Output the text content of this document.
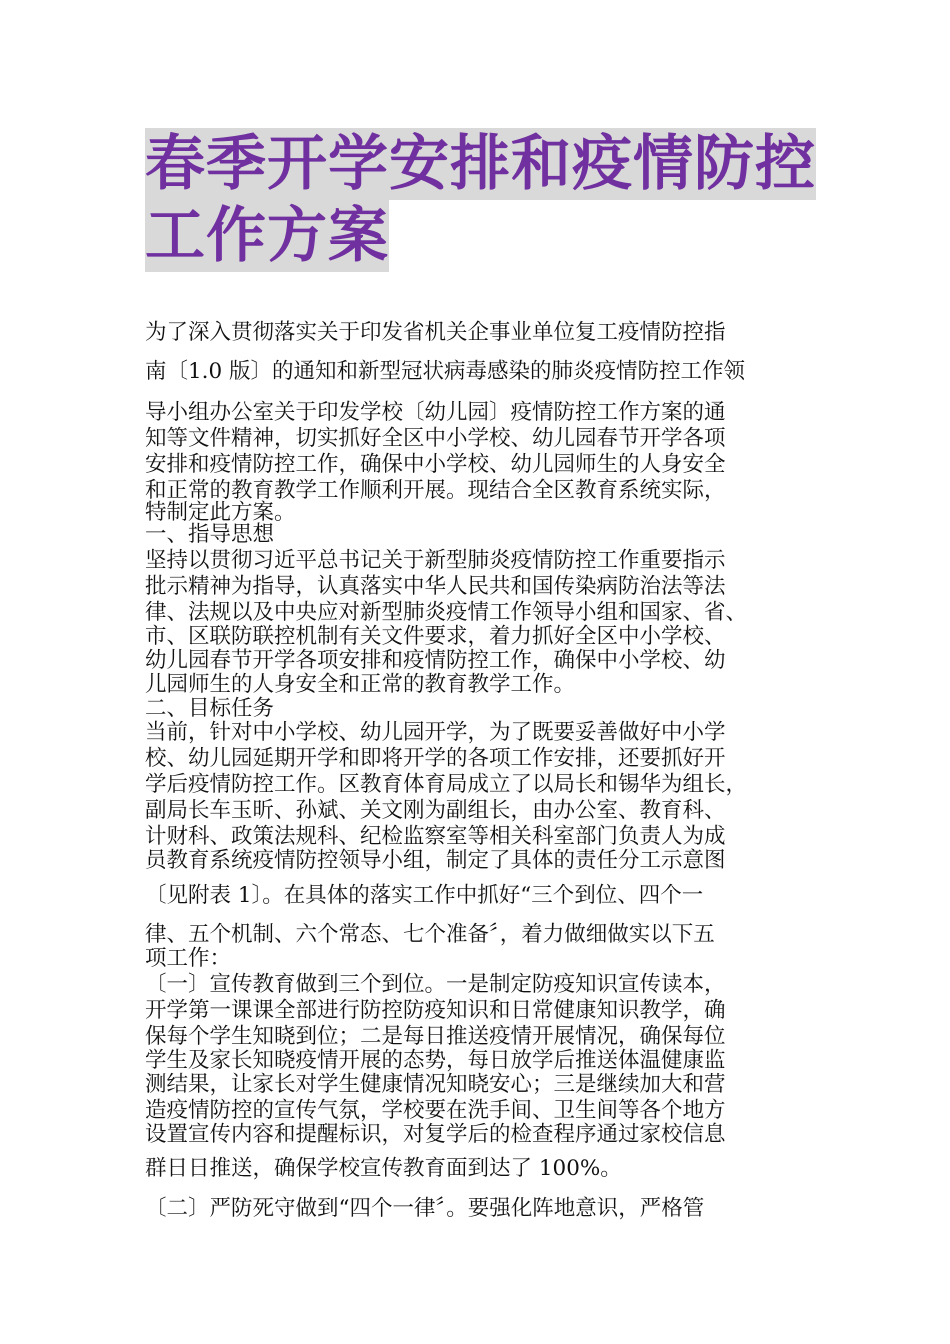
春季开学安排和疫情防控
工作方案
为了深入贯彻落实关于印发省机关企事业单位复工疫情防控指
南〔1.0 版〕的通知和新型冠状病毒感染的肺炎疫情防控工作领
导小组办公室关于印发学校〔幼儿园〕疫情防控工作方案的通
知等文件精神，切实抓好全区中小学校、幼儿园春节开学各项
安排和疫情防控工作，确保中小学校、幼儿园师生的人身安全
和正常的教育教学工作顺利开展。现结合全区教育系统实际，
特制定此方案。
一、指导思想
坚持以贯彻习近平总书记关于新型肺炎疫情防控工作重要指示
批示精神为指导，认真落实中华人民共和国传染病防治法等法
律、法规以及中央应对新型肺炎疫情工作领导小组和国家、省、
市、区联防联控机制有关文件要求，着力抓好全区中小学校、
幼儿园春节开学各项安排和疫情防控工作，确保中小学校、幼
儿园师生的人身安全和正常的教育教学工作。
二、目标任务
当前，针对中小学校、幼儿园开学，为了既要妥善做好中小学
校、幼儿园延期开学和即将开学的各项工作安排，还要抓好开
学后疫情防控工作。区教育体育局成立了以局长和锡华为组长，
副局长车玉昕、孙斌、关文刚为副组长，由办公室、教育科、
计财科、政策法规科、纪检监察室等相关科室部门负责人为成
员教育系统疫情防控领导小组，制定了具体的责任分工示意图
〔见附表 1〕。在具体的落实工作中抓好“三个到位、四个一
律、五个机制、六个常态、七个准备〞，着力做细做实以下五
项工作：
〔一〕宣传教育做到三个到位。一是制定防疫知识宣传读本，
开学第一课课全部进行防控防疫知识和日常健康知识教学，确
保每个学生知晓到位；二是每日推送疫情开展情况，确保每位
学生及家长知晓疫情开展的态势，每日放学后推送体温健康监
测结果，让家长对学生健康情况知晓安心；三是继续加大和营
造疫情防控的宣传气氛，学校要在洗手间、卫生间等各个地方
设置宣传内容和提醒标识，对复学后的检查程序通过家校信息
群日日推送，确保学校宣传教育面到达了 100%。
〔二〕严防死守做到“四个一律〞。要强化阵地意识，严格管
